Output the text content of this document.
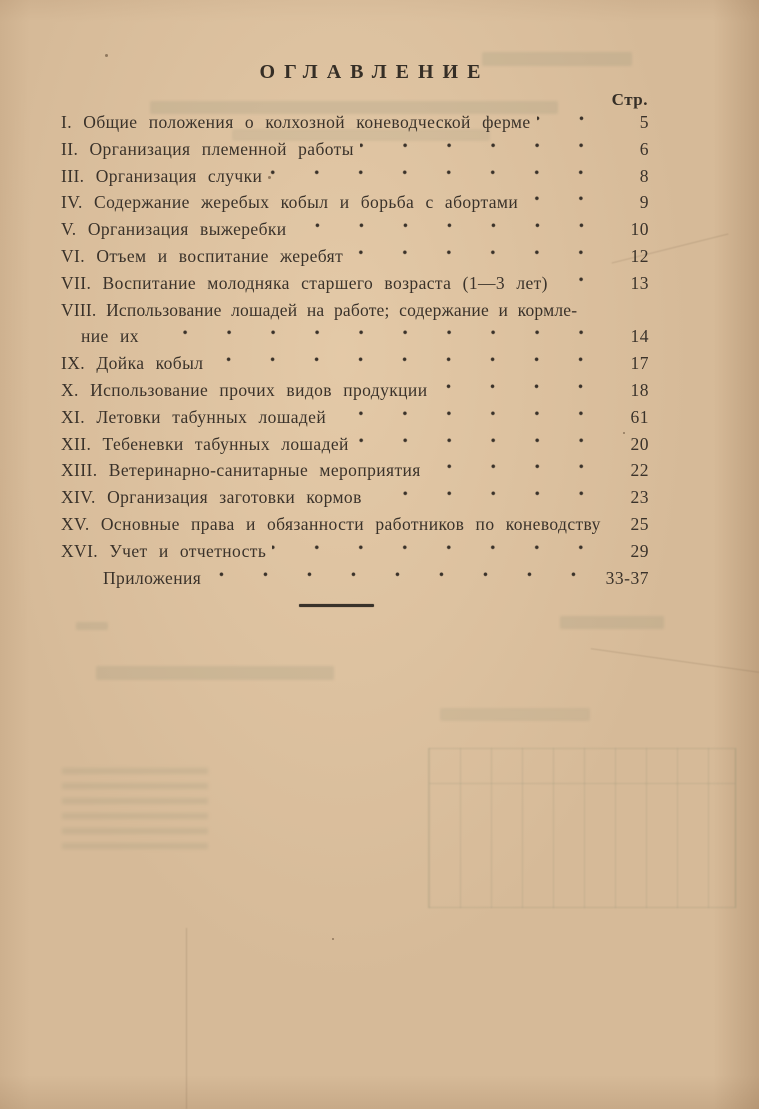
ОГЛАВЛЕНИЕ
Стр.
I. Общие положения о колхозной коневодческой ферме	5
II. Организация племенной работы	6
III. Организация случки	8
IV. Содержание жеребых кобыл и борьба с абортами	9
V. Организация выжеребки	10
VI. Отъем и воспитание жеребят	12
VII. Воспитание молодняка старшего возраста (1—3 лет)	13
VIII. Использование лошадей на работе; содержание и кормле-
ние их	14
IX. Дойка кобыл	17
X. Использование прочих видов продукции	18
XI. Летовки табунных лошадей	61
XII. Тебеневки табунных лошадей	20
XIII. Ветеринарно-санитарные мероприятия	22
XIV. Организация заготовки кормов	23
XV. Основные права и обязанности работников по коневодству	25
XVI. Учет и отчетность	29
Приложения	33-37
